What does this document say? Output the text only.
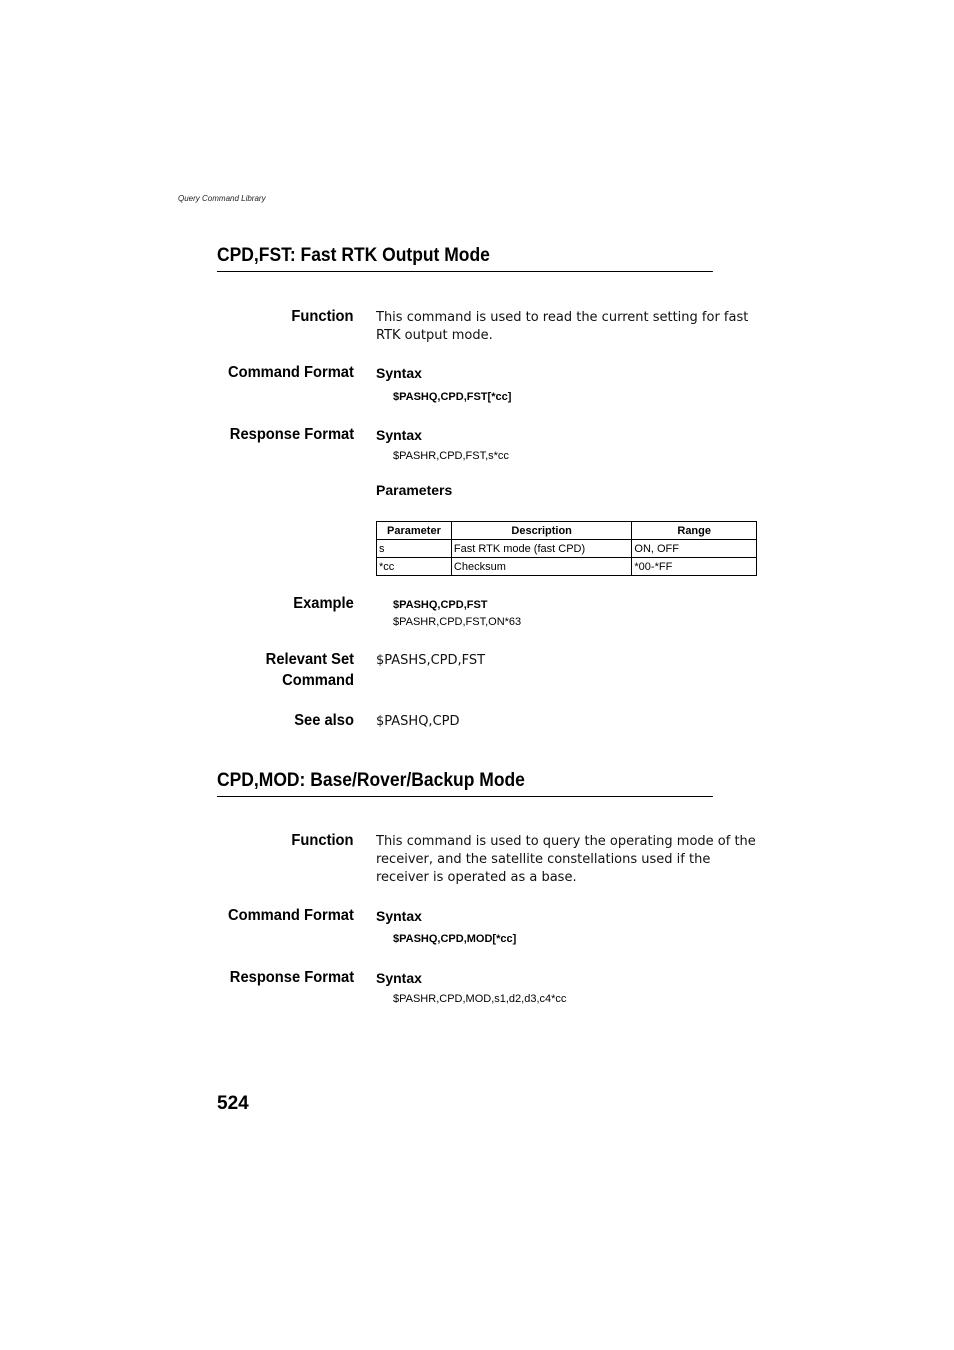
Query Command Library
CPD,FST: Fast RTK Output Mode
Function This command is used to read the current setting for fast RTK output mode.
Command Format Syntax
$PASHQ,CPD,FST[*cc]
Response Format Syntax
$PASHR,CPD,FST,s*cc
Parameters
Parameter	Description	Range
s	Fast RTK mode (fast CPD)	ON, OFF
*cc	Checksum	*00-*FF
Example	$PASHQ,CPD,FST
$PASHR,CPD,FST,ON*63
Relevant Set
Command
$PASHS,CPD,FST
See also $PASHQ,CPD
CPD,MOD: Base/Rover/Backup Mode
Function This command is used to query the operating mode of the receiver, and the satellite constellations used if the receiver is operated as a base.
Command Format Syntax
$PASHQ,CPD,MOD[*cc]
Response Format Syntax
$PASHR,CPD,MOD,s1,d2,d3,c4*cc
524
